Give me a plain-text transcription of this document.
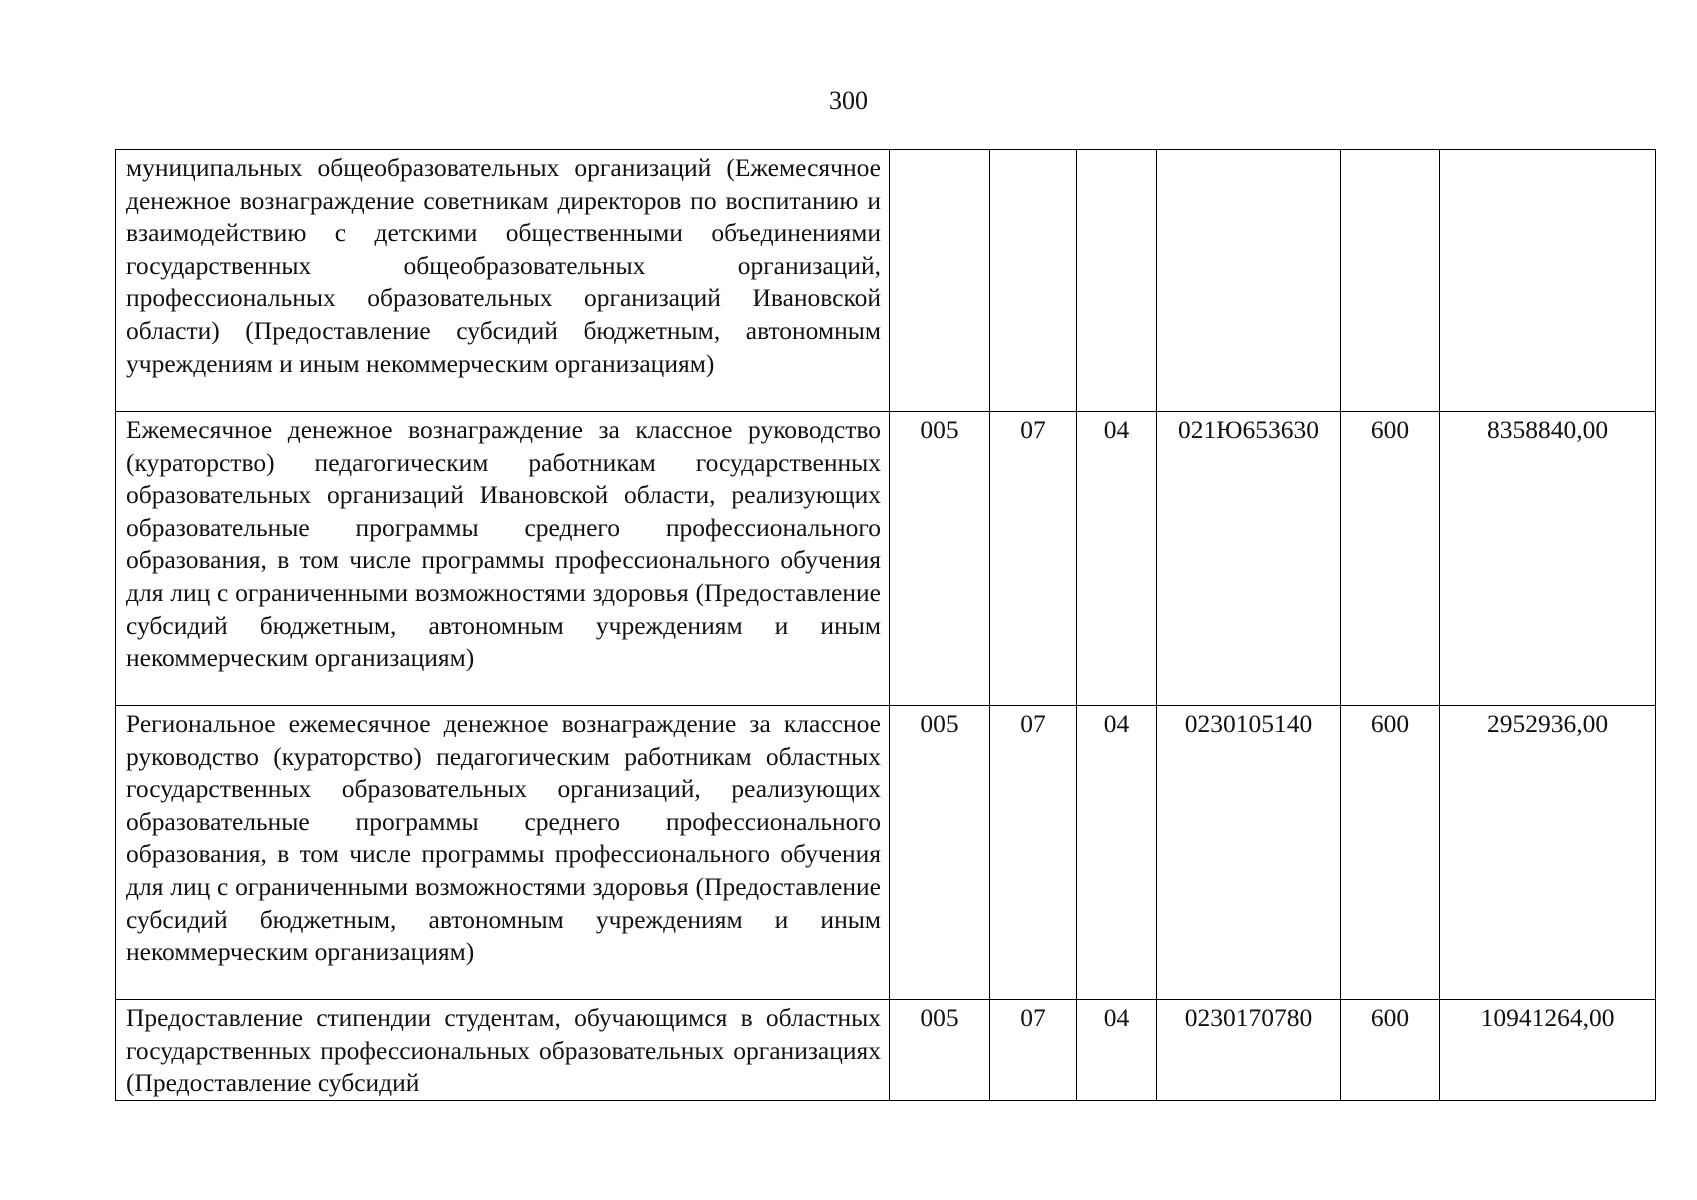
300
муниципальных общеобразовательных организаций (Ежемесячное денежное вознаграждение советникам директоров по воспитанию и взаимодействию с детскими общественными объединениями государственных общеобразовательных организаций, профессиональных образовательных организаций Ивановской области) (Предоставление субсидий бюджетным, автономным учреждениям и иным некоммерческим организациям)						

Ежемесячное денежное вознаграждение за классное руководство (кураторство) педагогическим работникам государственных образовательных организаций Ивановской области, реализующих образовательные программы среднего профессионального образования, в том числе программы профессионального обучения для лиц с ограниченными возможностями здоровья (Предоставление субсидий бюджетным, автономным учреждениям и иным некоммерческим организациям)	005	07	04	021Ю653630	600	8358840,00

Региональное ежемесячное денежное вознаграждение за классное руководство (кураторство) педагогическим работникам областных государственных образовательных организаций, реализующих образовательные программы среднего профессионального образования, в том числе программы профессионального обучения для лиц с ограниченными возможностями здоровья (Предоставление субсидий бюджетным, автономным учреждениям и иным некоммерческим организациям)	005	07	04	0230105140	600	2952936,00

Предоставление стипендии студентам, обучающимся в областных государственных профессиональных образовательных организациях (Предоставление субсидий	005	07	04	0230170780	600	10941264,00
